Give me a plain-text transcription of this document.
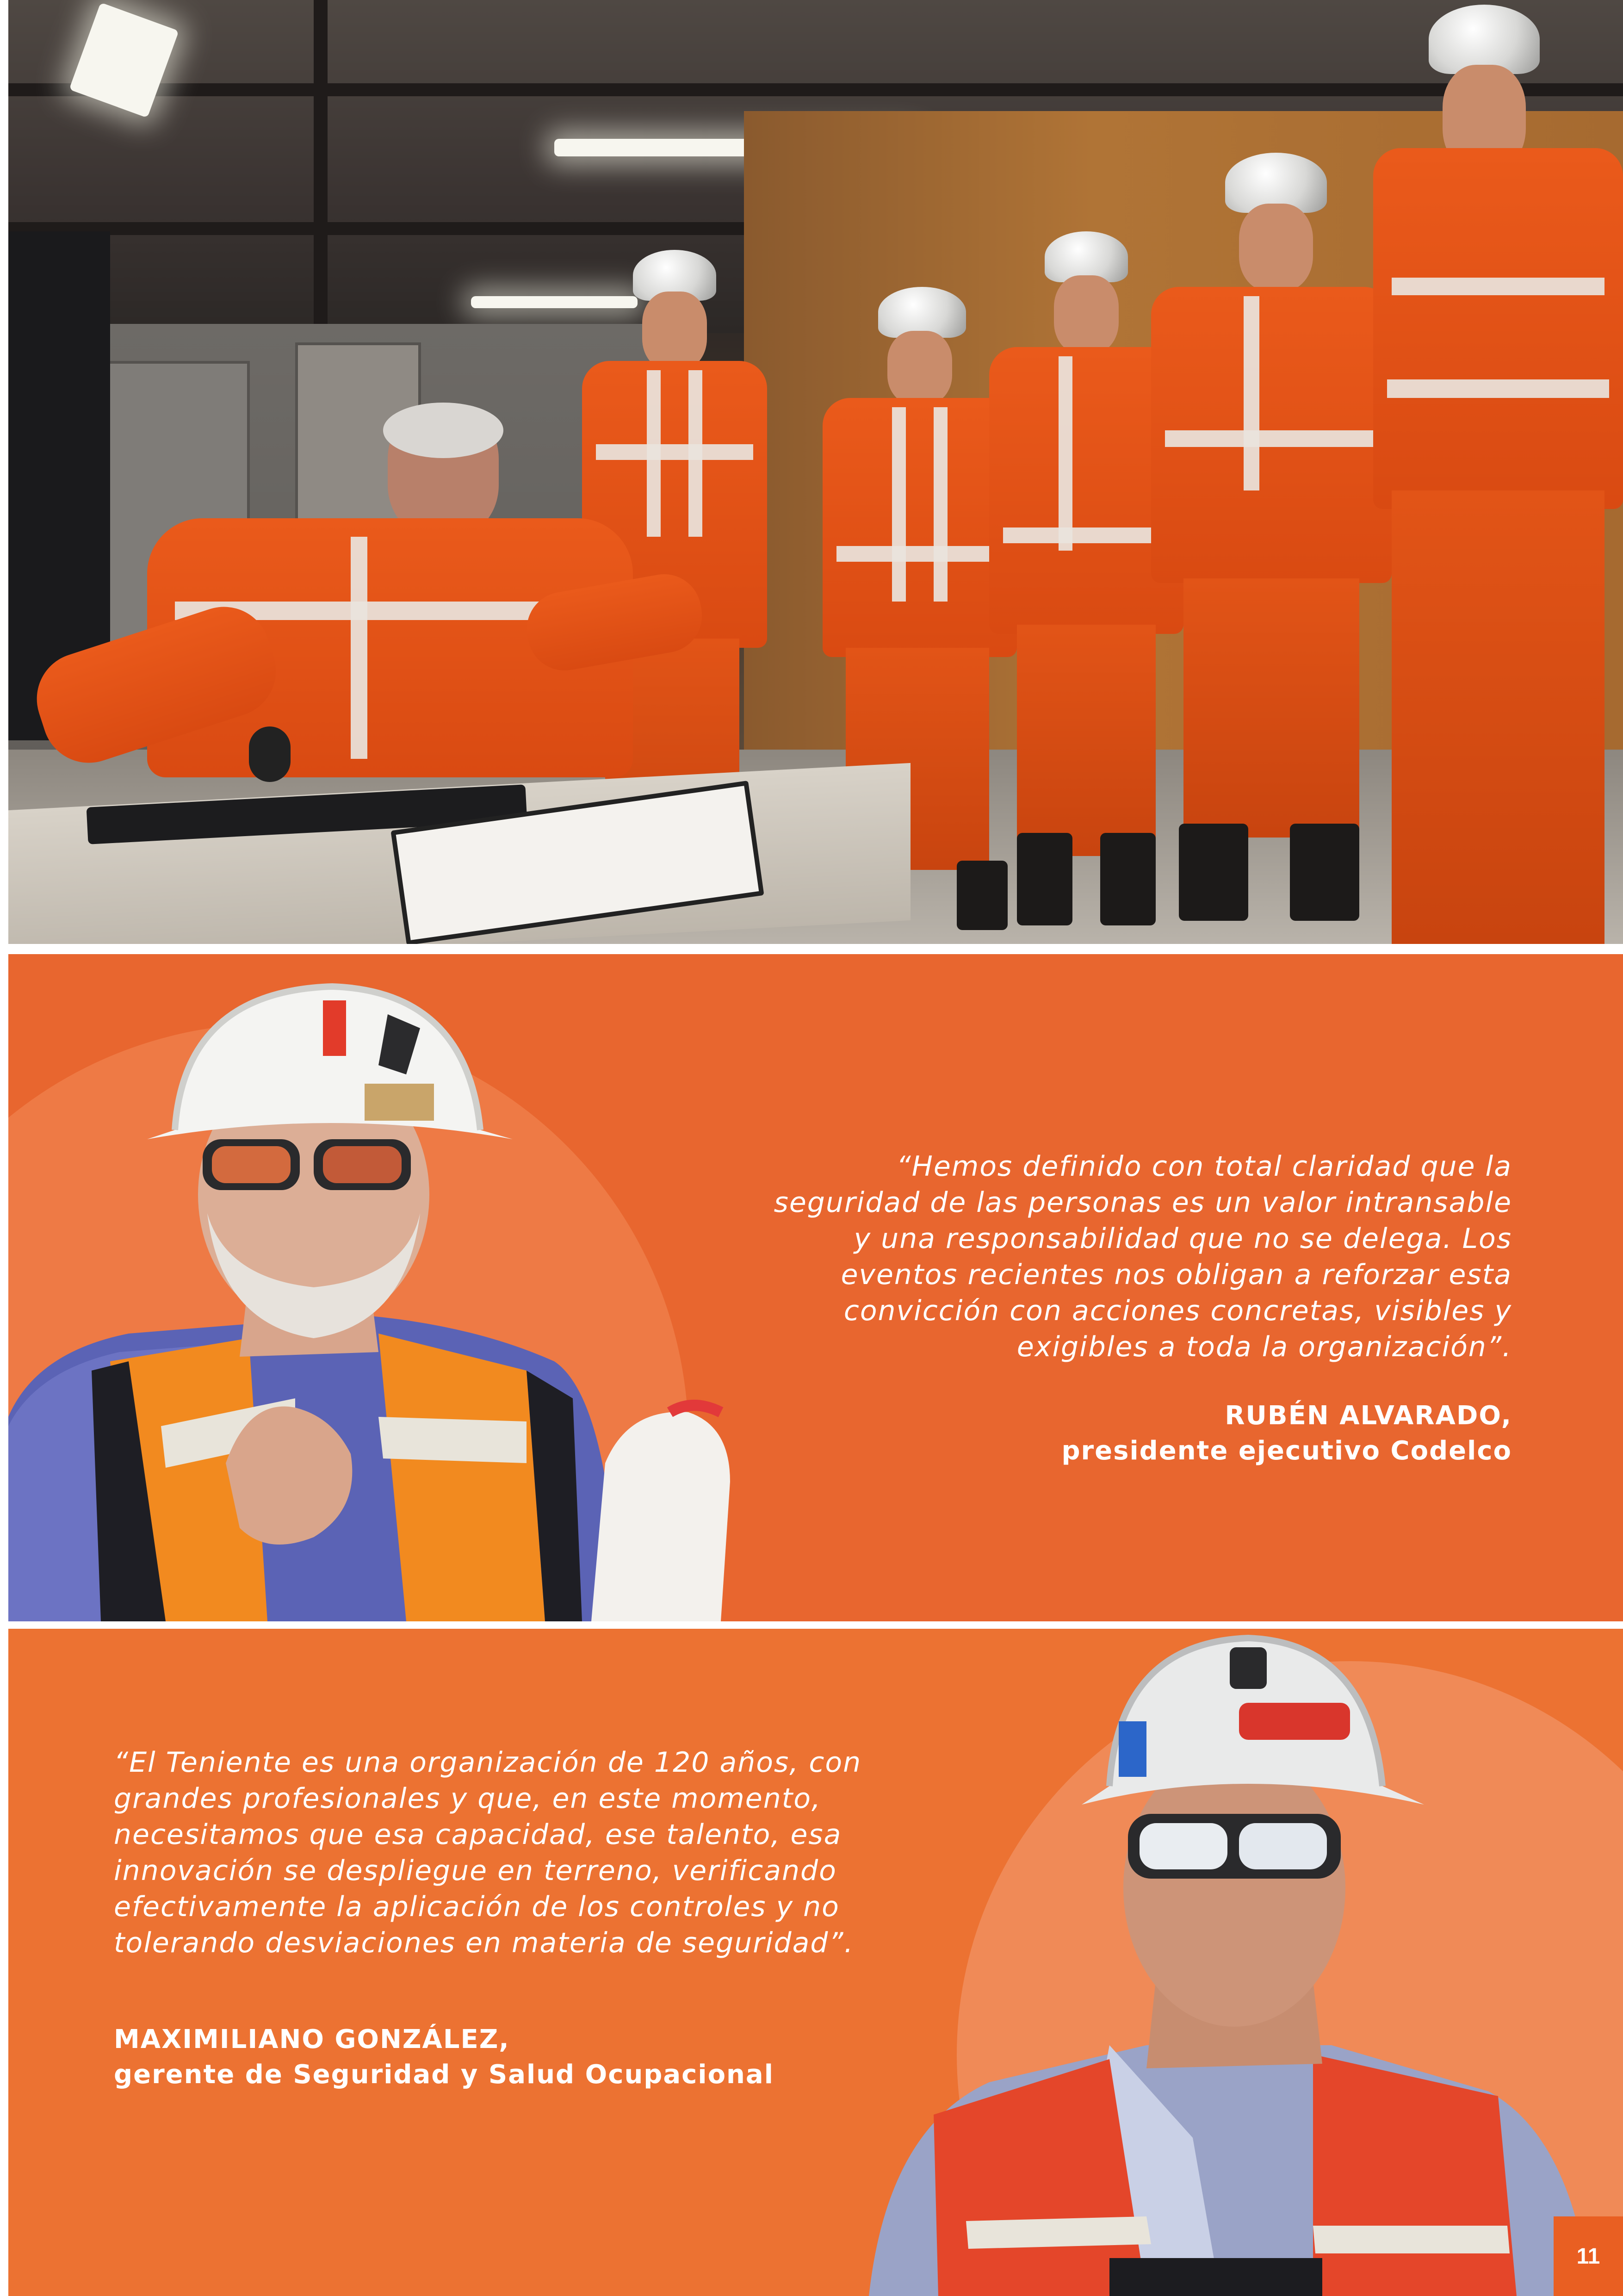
“Hemos definido con total claridad que la
seguridad de las personas es un valor intransable
y una responsabilidad que no se delega. Los
eventos recientes nos obligan a reforzar esta
convicción con acciones concretas, visibles y
exigibles a toda la organización”.
RUBÉN ALVARADO,
presidente ejecutivo Codelco
“El Teniente es una organización de 120 años, con
grandes profesionales y que, en este momento,
necesitamos que esa capacidad, ese talento, esa
innovación se despliegue en terreno, verificando
efectivamente la aplicación de los controles y no
tolerando desviaciones en materia de seguridad”.
MAXIMILIANO GONZÁLEZ,
gerente de Seguridad y Salud Ocupacional
11
